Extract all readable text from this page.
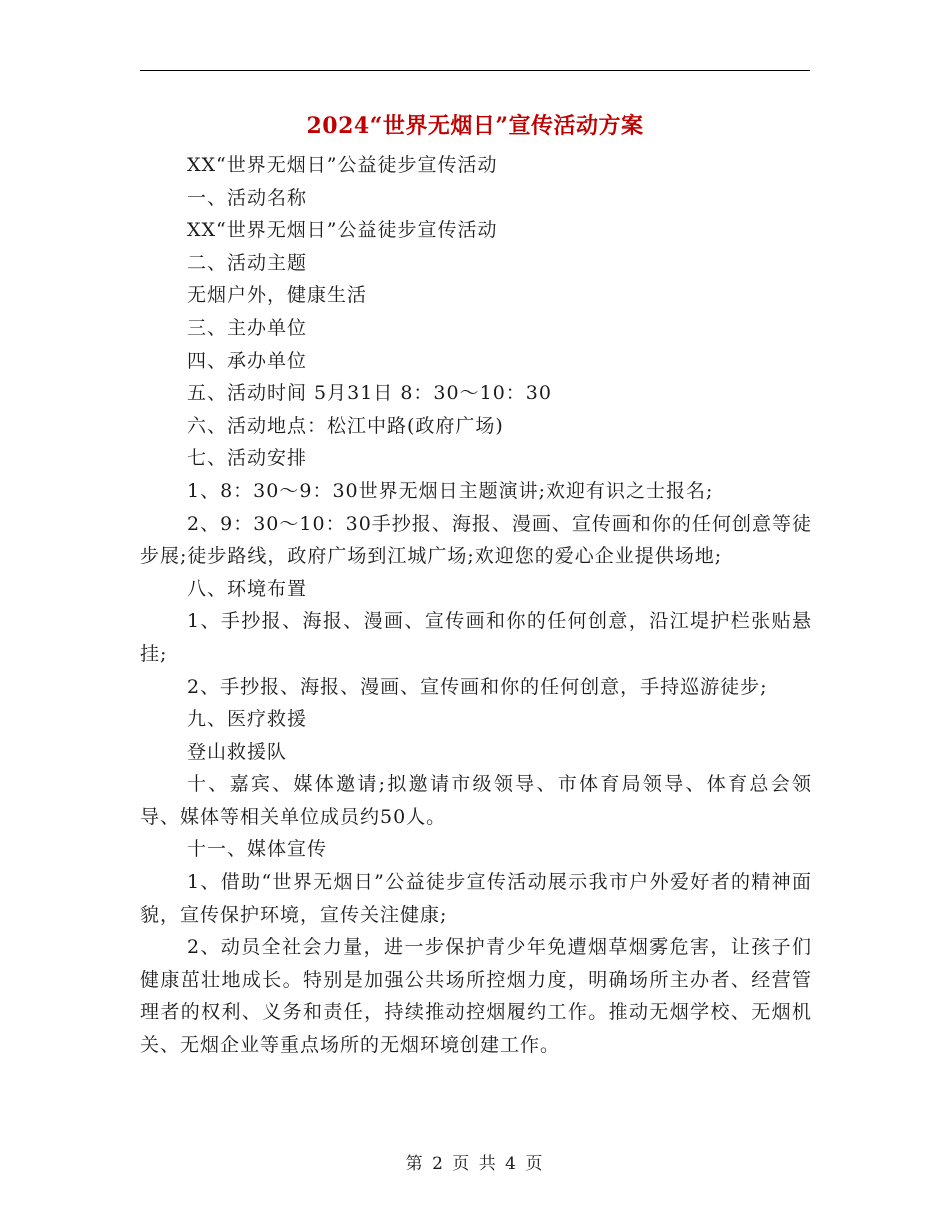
2024“世界无烟日”宣传活动方案

XX“世界无烟日”公益徒步宣传活动

一、活动名称

XX“世界无烟日”公益徒步宣传活动

二、活动主题

无烟户外，健康生活

三、主办单位

四、承办单位

五、活动时间 5月31日 8：30～10：30

六、活动地点：松江中路(政府广场)

七、活动安排

1、8：30～9：30世界无烟日主题演讲;欢迎有识之士报名;

2、9：30～10：30手抄报、海报、漫画、宣传画和你的任何创意等徒步展;徒步路线，政府广场到江城广场;欢迎您的爱心企业提供场地;

八、环境布置

1、手抄报、海报、漫画、宣传画和你的任何创意，沿江堤护栏张贴悬挂;

2、手抄报、海报、漫画、宣传画和你的任何创意，手持巡游徒步;

九、医疗救援

登山救援队

十、嘉宾、媒体邀请;拟邀请市级领导、市体育局领导、体育总会领导、媒体等相关单位成员约50人。

十一、媒体宣传

1、借助“世界无烟日”公益徒步宣传活动展示我市户外爱好者的精神面貌，宣传保护环境，宣传关注健康;

2、动员全社会力量，进一步保护青少年免遭烟草烟雾危害，让孩子们健康茁壮地成长。特别是加强公共场所控烟力度，明确场所主办者、经营管理者的权利、义务和责任，持续推动控烟履约工作。推动无烟学校、无烟机关、无烟企业等重点场所的无烟环境创建工作。

第 2 页 共 4 页
